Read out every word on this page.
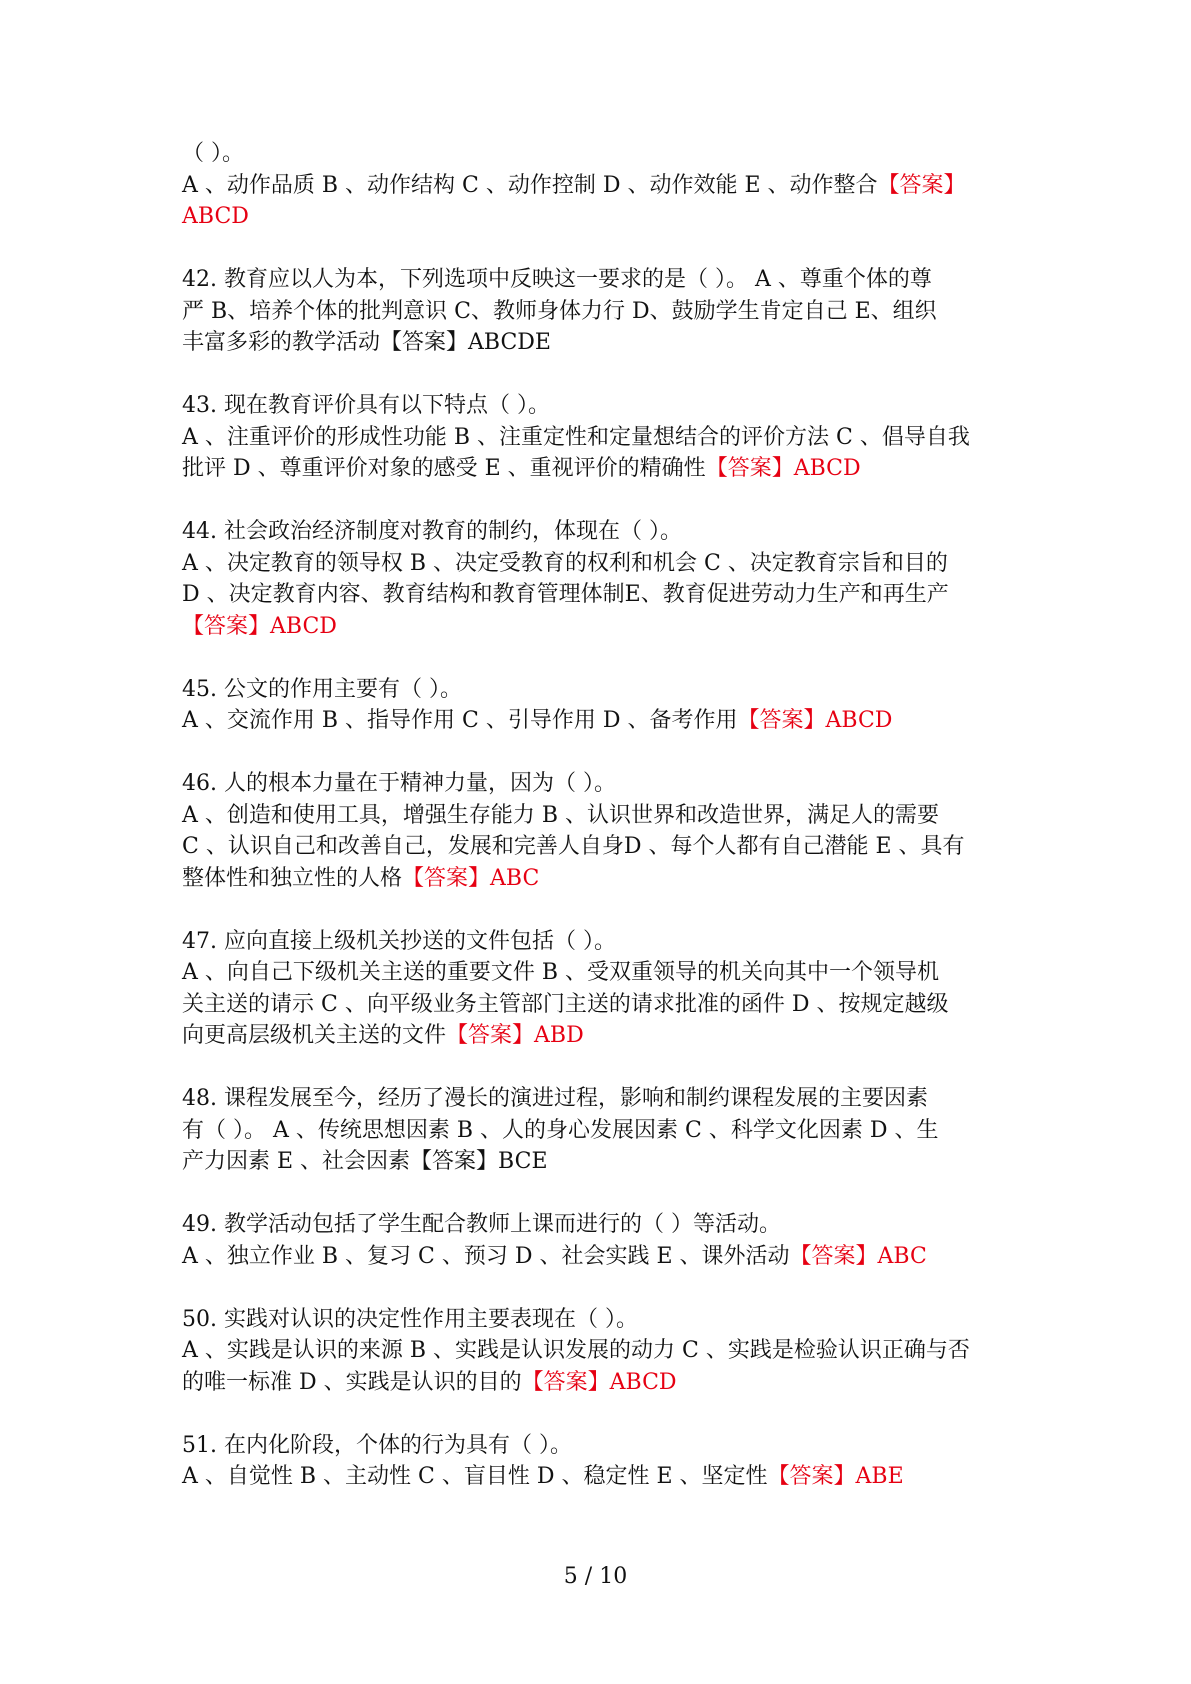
（ ）。
A 、动作品质 B 、动作结构 C 、动作控制 D 、动作效能 E 、动作整合【答案】
ABCD
42. 教育应以人为本，下列选项中反映这一要求的是（ ）。 A 、尊重个体的尊
严 B、培养个体的批判意识 C、教师身体力行 D、鼓励学生肯定自己 E、组织
丰富多彩的教学活动【答案】ABCDE
43. 现在教育评价具有以下特点（ ）。
A 、注重评价的形成性功能 B 、注重定性和定量想结合的评价方法 C 、倡导自我
批评 D 、尊重评价对象的感受 E 、重视评价的精确性【答案】ABCD
44. 社会政治经济制度对教育的制约，体现在（ ）。
A 、决定教育的领导权 B 、决定受教育的权利和机会 C 、决定教育宗旨和目的
D 、决定教育内容、教育结构和教育管理体制E、教育促进劳动力生产和再生产
【答案】ABCD
45. 公文的作用主要有（ ）。
A 、交流作用 B 、指导作用 C 、引导作用 D 、备考作用【答案】ABCD
46. 人的根本力量在于精神力量，因为（ ）。
A 、创造和使用工具，增强生存能力 B 、认识世界和改造世界，满足人的需要
C 、认识自己和改善自己，发展和完善人自身D 、每个人都有自己潜能 E 、具有
整体性和独立性的人格【答案】ABC
47. 应向直接上级机关抄送的文件包括（ ）。
A 、向自己下级机关主送的重要文件 B 、受双重领导的机关向其中一个领导机
关主送的请示 C 、向平级业务主管部门主送的请求批准的函件 D 、按规定越级
向更高层级机关主送的文件【答案】ABD
48. 课程发展至今，经历了漫长的演进过程，影响和制约课程发展的主要因素
有（ ）。 A 、传统思想因素 B 、人的身心发展因素 C 、科学文化因素 D 、生
产力因素 E 、社会因素【答案】BCE
49. 教学活动包括了学生配合教师上课而进行的（ ）等活动。
A 、独立作业 B 、复习 C 、预习 D 、社会实践 E 、课外活动【答案】ABC
50. 实践对认识的决定性作用主要表现在（ ）。
A 、实践是认识的来源 B 、实践是认识发展的动力 C 、实践是检验认识正确与否
的唯一标准 D 、实践是认识的目的【答案】ABCD
51. 在内化阶段，个体的行为具有（ ）。
A 、自觉性 B 、主动性 C 、盲目性 D 、稳定性 E 、坚定性【答案】ABE
5 / 10
